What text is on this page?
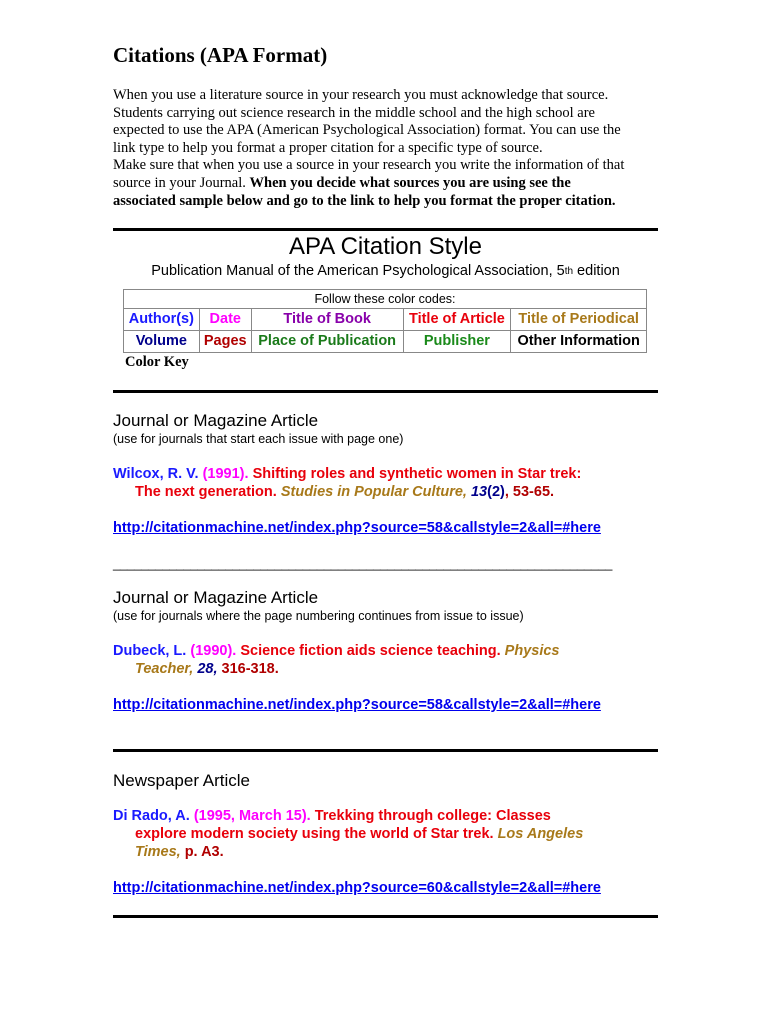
Citations (APA Format)

When you use a literature source in your research you must acknowledge that source.

Students carrying out science research in the middle school and the high school are

expected to use the APA (American Psychological Association) format. You can use the

link type to help you format a proper citation for a specific type of source.

Make sure that when you use a source in your research you write the information of that

source in your Journal. When you decide what sources you are using see the

associated sample below and go to the link to help you format the proper citation.

APA Citation Style
Publication Manual of the American Psychological Association, 5th edition
Follow these color codes:				
Author(s)	Date	Title of Book	Title of Article	Title of Periodical
Volume	Pages	Place of Publication	Publisher	Other Information
Color Key
Journal or Magazine Article
(use for journals that start each issue with page one)
Wilcox, R. V. (1991). Shifting roles and synthetic women in Star trek:
The next generation. Studies in Popular Culture, 13(2), 53-65.
http://citationmachine.net/index.php?source=58&callstyle=2&all=#here
_______________________________________________________________________
Journal or Magazine Article
(use for journals where the page numbering continues from issue to issue)
Dubeck, L. (1990). Science fiction aids science teaching. Physics
Teacher, 28, 316-318.
http://citationmachine.net/index.php?source=58&callstyle=2&all=#here
Newspaper Article
Di Rado, A. (1995, March 15). Trekking through college: Classes
explore modern society using the world of Star trek. Los Angeles
Times, p. A3.
http://citationmachine.net/index.php?source=60&callstyle=2&all=#here
